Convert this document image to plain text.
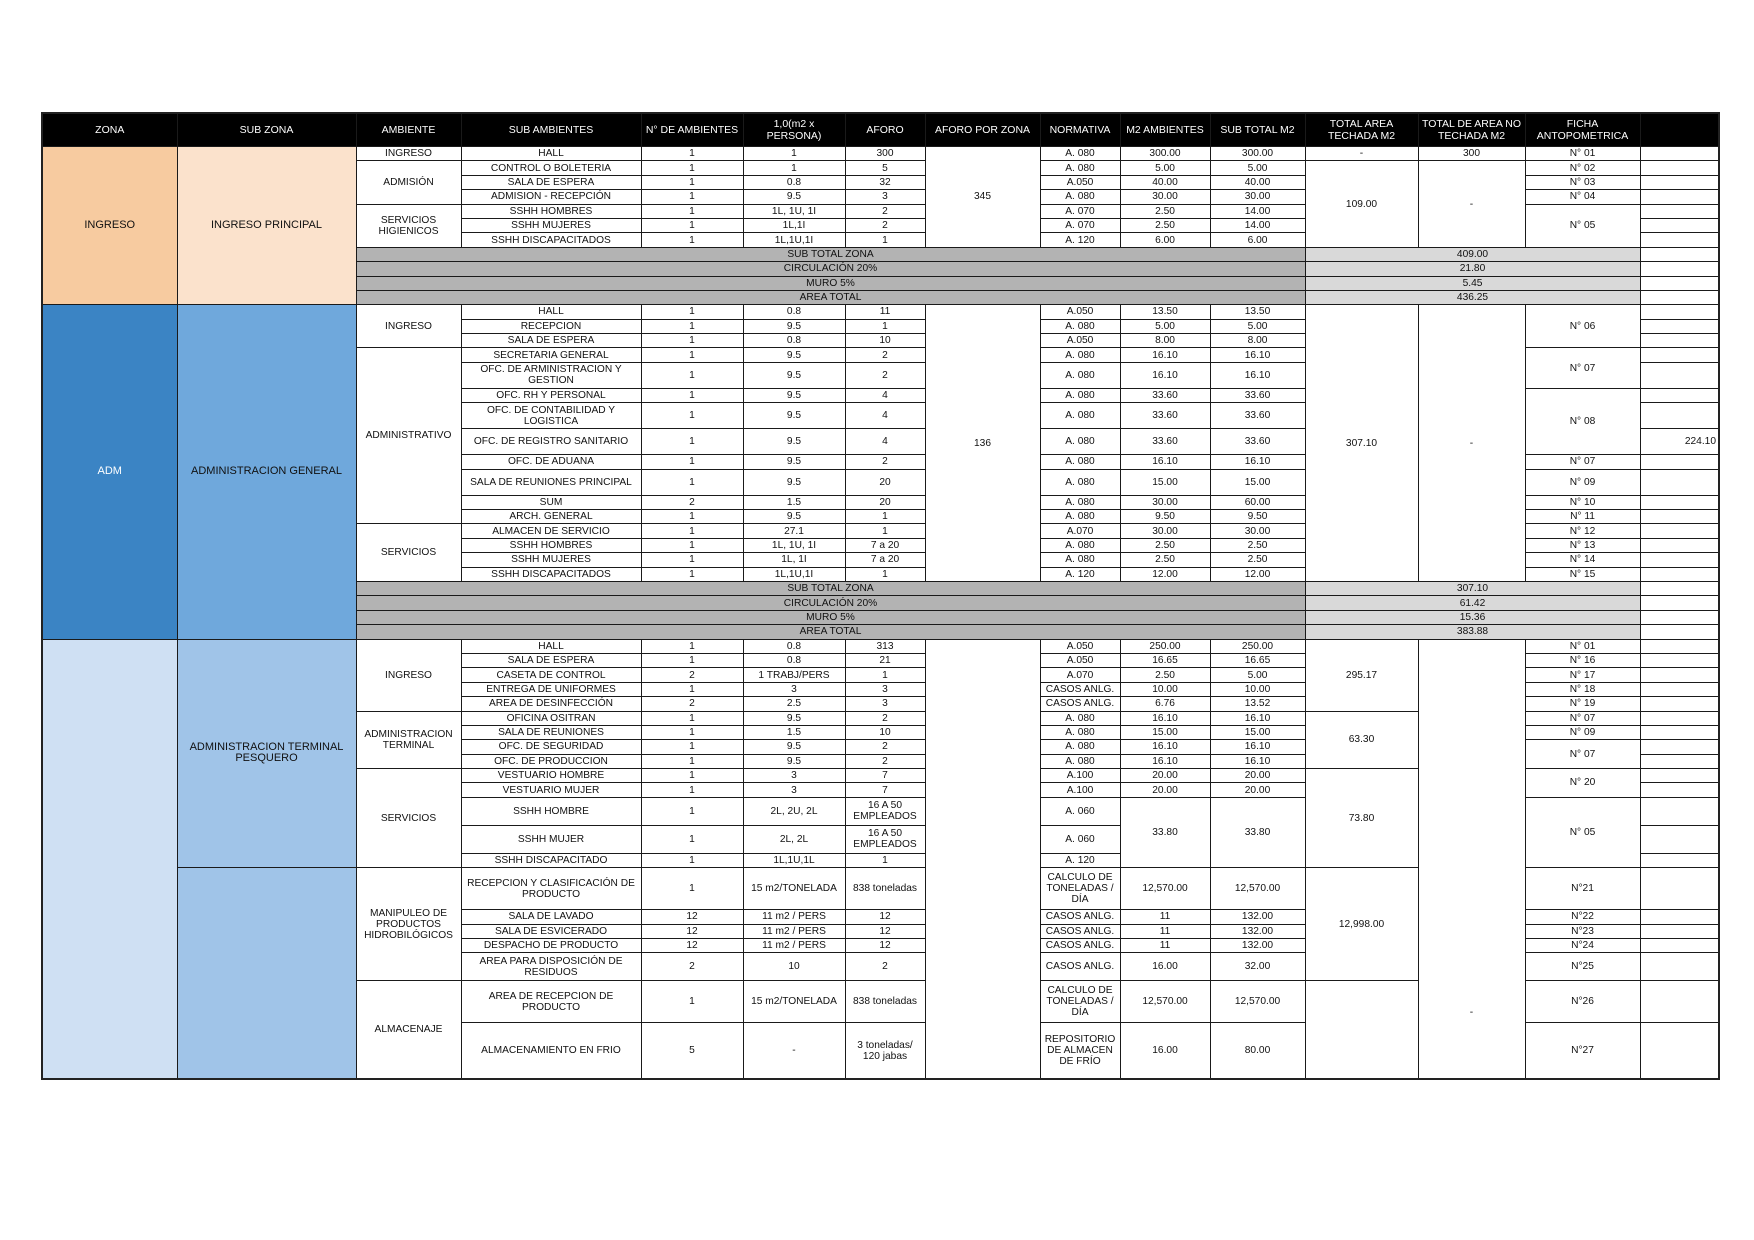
ZONA	SUB ZONA	AMBIENTE	SUB AMBIENTES	N° DE AMBIENTES	1,0(m2 x PERSONA)	AFORO	AFORO POR ZONA	NORMATIVA	M2 AMBIENTES	SUB TOTAL M2	TOTAL AREA TECHADA M2	TOTAL DE AREA NO TECHADA M2	FICHA ANTOPOMETRICA	
INGRESO	INGRESO PRINCIPAL	INGRESO	HALL	1	1	300	345	A. 080	300.00	300.00	-	300	N° 01	
		ADMISIÓN	CONTROL O BOLETERIA	1	1	5		A. 080	5.00	5.00	109.00	-	N° 02	
			SALA DE ESPERA	1	0.8	32		A.050	40.00	40.00			N° 03	
			ADMISION - RECEPCIÓN	1	9.5	3		A. 080	30.00	30.00			N° 04	
		SERVICIOS HIGIENICOS	SSHH HOMBRES	1	1L, 1U, 1I	2		A. 070	2.50	14.00			N° 05	
			SSHH MUJERES	1	1L,1I	2		A. 070	2.50	14.00				
			SSHH DISCAPACITADOS	1	1L,1U,1I	1		A. 120	6.00	6.00				
		SUB TOTAL ZONA									409.00			
		CIRCULACIÓN 20%									21.80			
		MURO 5%									5.45			
		AREA TOTAL									436.25			
ADM	ADMINISTRACION GENERAL	INGRESO	HALL	1	0.8	11	136	A.050	13.50	13.50	307.10	-	N° 06	
			RECEPCION	1	9.5	1		A. 080	5.00	5.00				
			SALA DE ESPERA	1	0.8	10		A.050	8.00	8.00				
		ADMINISTRATIVO	SECRETARIA GENERAL	1	9.5	2		A. 080	16.10	16.10			N° 07	
			OFC. DE ARMINISTRACION Y GESTION	1	9.5	2		A. 080	16.10	16.10				
			OFC. RH Y PERSONAL	1	9.5	4		A. 080	33.60	33.60			N° 08	
			OFC. DE CONTABILIDAD Y LOGISTICA	1	9.5	4		A. 080	33.60	33.60				
			OFC. DE REGISTRO SANITARIO	1	9.5	4		A. 080	33.60	33.60				224.10
			OFC. DE ADUANA	1	9.5	2		A. 080	16.10	16.10			N° 07	
			SALA DE REUNIONES PRINCIPAL	1	9.5	20		A. 080	15.00	15.00			N° 09	
			SUM	2	1.5	20		A. 080	30.00	60.00			N° 10	
			ARCH. GENERAL	1	9.5	1		A. 080	9.50	9.50			N° 11	
		SERVICIOS	ALMACEN DE SERVICIO	1	27.1	1		A.070	30.00	30.00			N° 12	
			SSHH HOMBRES	1	1L, 1U, 1I	7 a 20		A. 080	2.50	2.50			N° 13	
			SSHH MUJERES	1	1L, 1I	7 a 20		A. 080	2.50	2.50			N° 14	
			SSHH DISCAPACITADOS	1	1L,1U,1I	1		A. 120	12.00	12.00			N° 15	
		SUB TOTAL ZONA									307.10			
		CIRCULACIÓN 20%									61.42			
		MURO 5%									15.36			
		AREA TOTAL									383.88			
	ADMINISTRACION TERMINAL PESQUERO	INGRESO	HALL	1	0.8	313		A.050	250.00	250.00	295.17	-	N° 01	
			SALA DE ESPERA	1	0.8	21		A.050	16.65	16.65			N° 16	
			CASETA DE CONTROL	2	1 TRABJ/PERS	1		A.070	2.50	5.00			N° 17	
			ENTREGA DE UNIFORMES	1	3	3		CASOS ANLG.	10.00	10.00			N° 18	
			AREA DE DESINFECCIÓN	2	2.5	3		CASOS ANLG.	6.76	13.52			N° 19	
		ADMINISTRACION TERMINAL	OFICINA OSITRAN	1	9.5	2		A. 080	16.10	16.10	63.30		N° 07	
			SALA DE REUNIONES	1	1.5	10		A. 080	15.00	15.00			N° 09	
			OFC. DE SEGURIDAD	1	9.5	2		A. 080	16.10	16.10			N° 07	
			OFC. DE PRODUCCION	1	9.5	2		A. 080	16.10	16.10				
		SERVICIOS	VESTUARIO HOMBRE	1	3	7		A.100	20.00	20.00	73.80		N° 20	
			VESTUARIO MUJER	1	3	7		A.100	20.00	20.00				
			SSHH HOMBRE	1	2L, 2U, 2L	16 A 50 EMPLEADOS		A. 060	33.80	33.80			N° 05	
			SSHH MUJER	1	2L, 2L	16 A 50 EMPLEADOS		A. 060						
			SSHH DISCAPACITADO	1	1L,1U,1L	1		A. 120						
		MANIPULEO DE PRODUCTOS HIDROBILÓGICOS	RECEPCION Y CLASIFICACIÓN DE PRODUCTO	1	15 m2/TONELADA	838 toneladas		CALCULO DE TONELADAS / DÍA	12,570.00	12,570.00	12,998.00		N°21	
			SALA DE LAVADO	12	11 m2 / PERS	12		CASOS ANLG.	11	132.00			N°22	
			SALA DE ESVICERADO	12	11 m2 / PERS	12		CASOS ANLG.	11	132.00			N°23	
			DESPACHO DE PRODUCTO	12	11 m2 / PERS	12		CASOS ANLG.	11	132.00			N°24	
			AREA PARA DISPOSICIÓN DE RESIDUOS	2	10	2		CASOS ANLG.	16.00	32.00			N°25	
		ALMACENAJE	AREA DE RECEPCION DE PRODUCTO	1	15 m2/TONELADA	838 toneladas		CALCULO DE TONELADAS / DÍA	12,570.00	12,570.00			N°26	
			ALMACENAMIENTO EN FRIO	5	-	3 toneladas/ 120 jabas		REPOSITORIO DE ALMACEN DE FRÍO	16.00	80.00			N°27	
